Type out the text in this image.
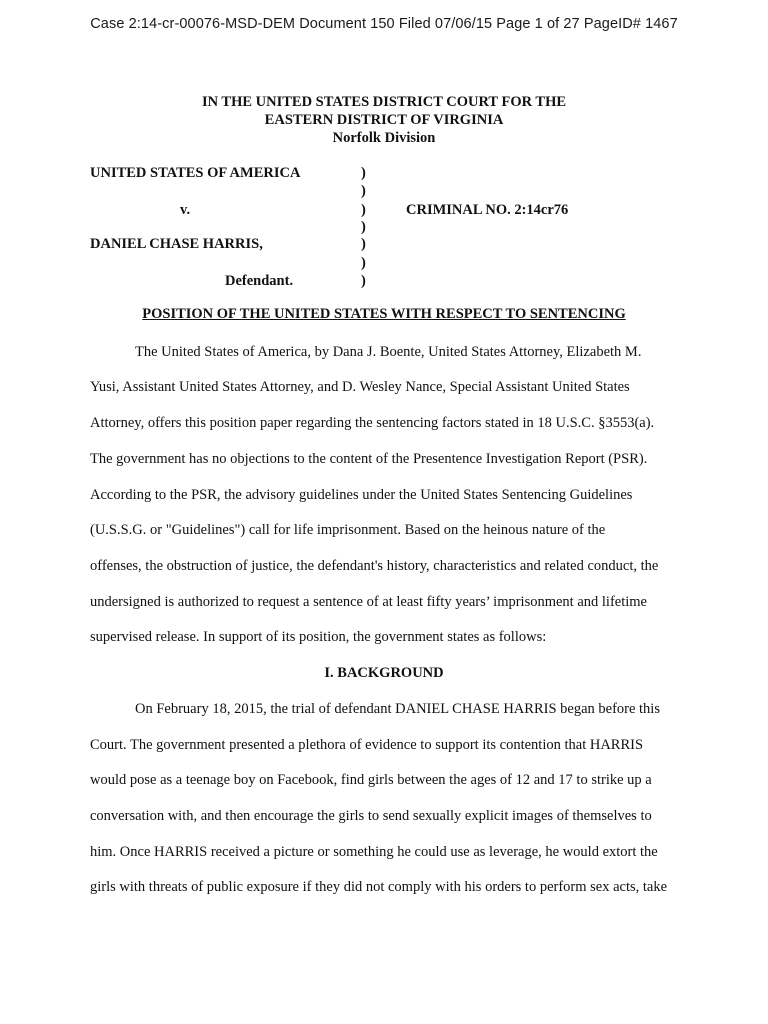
Case 2:14-cr-00076-MSD-DEM Document 150 Filed 07/06/15 Page 1 of 27 PageID# 1467
IN THE UNITED STATES DISTRICT COURT FOR THE
EASTERN DISTRICT OF VIRGINIA
Norfolk Division
UNITED STATES OF AMERICA
v.
DANIEL CHASE HARRIS,
Defendant.
CRIMINAL NO. 2:14cr76
)
)
)
)
)
)
)
POSITION OF THE UNITED STATES WITH RESPECT TO SENTENCING
The United States of America, by Dana J. Boente, United States Attorney, Elizabeth M.
Yusi, Assistant United States Attorney, and D. Wesley Nance, Special Assistant United States
Attorney, offers this position paper regarding the sentencing factors stated in 18 U.S.C. §3553(a).
The government has no objections to the content of the Presentence Investigation Report (PSR).
According to the PSR, the advisory guidelines under the United States Sentencing Guidelines
(U.S.S.G. or "Guidelines") call for life imprisonment. Based on the heinous nature of the
offenses, the obstruction of justice, the defendant's history, characteristics and related conduct, the
undersigned is authorized to request a sentence of at least fifty years’ imprisonment and lifetime
supervised release. In support of its position, the government states as follows:
I. BACKGROUND
On February 18, 2015, the trial of defendant DANIEL CHASE HARRIS began before this
Court. The government presented a plethora of evidence to support its contention that HARRIS
would pose as a teenage boy on Facebook, find girls between the ages of 12 and 17 to strike up a
conversation with, and then encourage the girls to send sexually explicit images of themselves to
him. Once HARRIS received a picture or something he could use as leverage, he would extort the
girls with threats of public exposure if they did not comply with his orders to perform sex acts, take
